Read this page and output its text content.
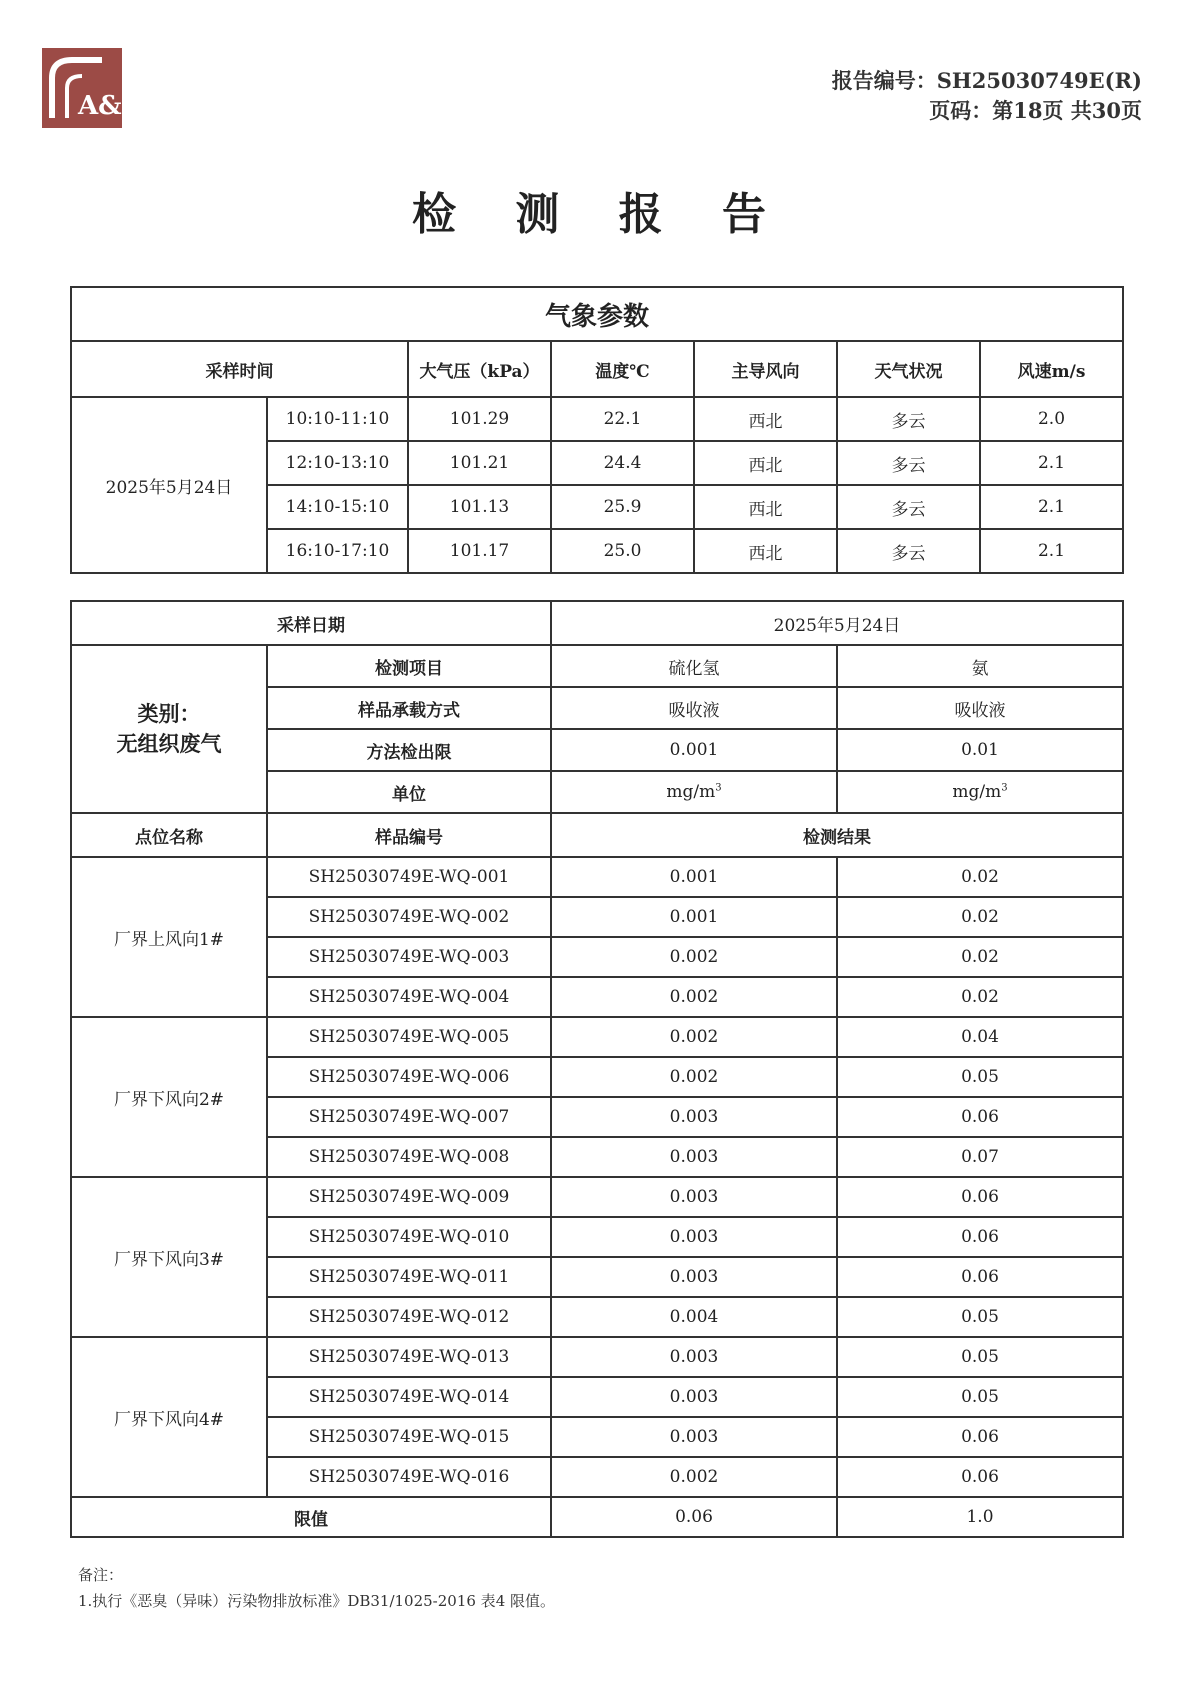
A&F
报告编号：SH25030749E(R)
页码：第18页 共30页
检 测 报 告
气象参数						
采样时间		大气压（kPa）	温度℃	主导风向	天气状况	风速m/s
2025年5月24日	10:10-11:10	101.29	22.1	西北	多云	2.0
	12:10-13:10	101.21	24.4	西北	多云	2.1
	14:10-15:10	101.13	25.9	西北	多云	2.1
	16:10-17:10	101.17	25.0	西北	多云	2.1
采样日期		2025年5月24日	

类别：
无组织废气	检测项目	硫化氢	氨
	样品承载方式	吸收液	吸收液
	方法检出限	0.001	0.01
	单位	$mg/m^3$	$mg/m^3$
点位名称	样品编号	检测结果	
厂界上风向1#	SH25030749E-WQ-001	0.001	0.02
	SH25030749E-WQ-002	0.001	0.02
	SH25030749E-WQ-003	0.002	0.02
	SH25030749E-WQ-004	0.002	0.02
厂界下风向2#	SH25030749E-WQ-005	0.002	0.04
	SH25030749E-WQ-006	0.002	0.05
	SH25030749E-WQ-007	0.003	0.06
	SH25030749E-WQ-008	0.003	0.07
厂界下风向3#	SH25030749E-WQ-009	0.003	0.06
	SH25030749E-WQ-010	0.003	0.06
	SH25030749E-WQ-011	0.003	0.06
	SH25030749E-WQ-012	0.004	0.05
厂界下风向4#	SH25030749E-WQ-013	0.003	0.05
	SH25030749E-WQ-014	0.003	0.05
	SH25030749E-WQ-015	0.003	0.06
	SH25030749E-WQ-016	0.002	0.06
限值		0.06	1.0
备注：
1.执行《恶臭（异味）污染物排放标准》DB31/1025-2016 表4 限值。
